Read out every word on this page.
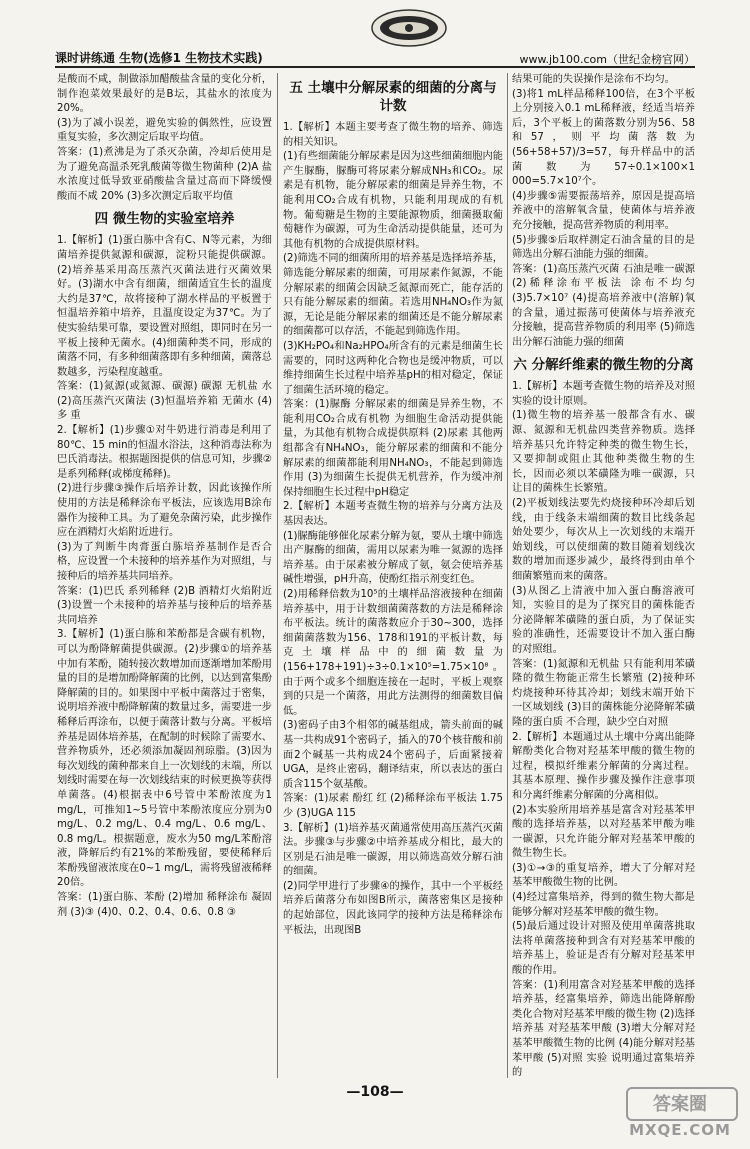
课时讲练通 生物(选修1 生物技术实践)	www.jb100.com（世纪金榜官网）

是酸而不咸，制做添加醋酸盐含量的变化分析，制作泡菜效果最好的是B坛，其盐水的浓度为20%。

(3)为了减小误差，避免实验的偶然性，应设置重复实验，多次测定后取平均值。

答案：(1)煮沸是为了杀灭杂菌，冷却后使用是为了避免高温杀死乳酸菌等微生物菌种 (2)A 盐水浓度过低导致亚硝酸盐含量过高而下降缓慢 酸而不咸 20% (3)多次测定后取平均值

四 微生物的实验室培养

1.【解析】(1)蛋白胨中含有C、N等元素，为细菌培养提供氮源和碳源，淀粉只能提供碳源。(2)培养基采用高压蒸汽灭菌法进行灭菌效果好。(3)湖水中含有细菌，细菌适宜生长的温度大约是37℃，故将接种了湖水样品的平板置于恒温培养箱中培养，且温度设定为37℃。为了使实验结果可靠，要设置对照组，即同时在另一平板上接种无菌水。(4)细菌种类不同，形成的菌落不同，有多种细菌落即有多种细菌，菌落总数越多，污染程度越重。

答案：(1)氮源(或氮源、碳源) 碳源 无机盐 水 (2)高压蒸汽灭菌法 (3)恒温培养箱 无菌水 (4)多 重

2.【解析】(1)步骤①对牛奶进行消毒是利用了80℃、15 min的恒温水浴法，这种消毒法称为巴氏消毒法。根据题图提供的信息可知，步骤②是系列稀释(或梯度稀释)。

(2)进行步骤③操作后培养计数，因此该操作所使用的方法是稀释涂布平板法，应该选用B涂布器作为接种工具。为了避免杂菌污染，此步操作应在酒精灯火焰附近进行。

(3)为了判断牛肉膏蛋白胨培养基制作是否合格，应设置一个未接种的培养基作为对照组，与接种后的培养基共同培养。

答案：(1)巴氏 系列稀释 (2)B 酒精灯火焰附近 (3)设置一个未接种的培养基与接种后的培养基共同培养

3.【解析】(1)蛋白胨和苯酚都是含碳有机物，可以为酚降解菌提供碳源。(2)步骤①的培养基中加有苯酚，随转接次数增加而逐渐增加苯酚用量的目的是增加酚降解菌的比例，以达到富集酚降解菌的目的。如果图中平板中菌落过于密集，说明培养液中酚降解菌的数量过多，需要进一步稀释后再涂布，以便于菌落计数与分离。平板培养基是固体培养基，在配制的时候除了需要水、营养物质外，还必须添加凝固剂琼脂。(3)因为每次划线的菌种都来自上一次划线的末端，所以划线时需要在每一次划线结束的时候更换等获得单菌落。(4)根据表中6号管中苯酚浓度为1 mg/L，可推知1~5号管中苯酚浓度应分别为0 mg/L、0.2 mg/L、0.4 mg/L、0.6 mg/L、0.8 mg/L。根据题意，废水为50 mg/L苯酚溶液，降解后约有21%的苯酚残留，要使稀释后苯酚残留液浓度在0~1 mg/L，需将残留液稀释20倍。

答案：(1)蛋白胨、苯酚 (2)增加 稀释涂布 凝固剂 (3)③ (4)0、0.2、0.4、0.6、0.8 ③

五 土壤中分解尿素的细菌的分离与计数

1.【解析】本题主要考查了微生物的培养、筛选的相关知识。

(1)有些细菌能分解尿素是因为这些细菌细胞内能产生脲酶，脲酶可将尿素分解成NH₃和CO₂。尿素是有机物，能分解尿素的细菌是异养生物，不能利用CO₂合成有机物，只能利用现成的有机物。葡萄糖是生物的主要能源物质，细菌摄取葡萄糖作为碳源，可为生命活动提供能量，还可为其他有机物的合成提供原材料。

(2)筛选不同的细菌所用的培养基是选择培养基，筛选能分解尿素的细菌，可用尿素作氮源，不能分解尿素的细菌会因缺乏氮源而死亡，能存活的只有能分解尿素的细菌。若选用NH₄NO₃作为氮源，无论是能分解尿素的细菌还是不能分解尿素的细菌都可以存活，不能起到筛选作用。

(3)KH₂PO₄和Na₂HPO₄所含有的元素是细菌生长需要的，同时这两种化合物也是缓冲物质，可以维持细菌生长过程中培养基pH的相对稳定，保证了细菌生活环境的稳定。

答案：(1)脲酶 分解尿素的细菌是异养生物，不能利用CO₂合成有机物 为细胞生命活动提供能量，为其他有机物合成提供原料 (2)尿素 其他两组都含有NH₄NO₃，能分解尿素的细菌和不能分解尿素的细菌都能利用NH₄NO₃，不能起到筛选作用 (3)为细菌生长提供无机营养，作为缓冲剂保持细胞生长过程中pH稳定

2.【解析】本题考查微生物的培养与分离方法及基因表达。

(1)脲酶能够催化尿素分解为氨，要从土壤中筛选出产脲酶的细菌，需用以尿素为唯一氮源的选择培养基。由于尿素被分解成了氨，氨会使培养基碱性增强，pH升高，使酚红指示剂变红色。

(2)用稀释倍数为10⁵的土壤样品溶液接种在细菌培养基中，用于计数细菌菌落数的方法是稀释涂布平板法。统计的菌落数应介于30~300，选择细菌菌落数为156、178和191的平板计数，每克土壤样品中的细菌数量为(156+178+191)÷3÷0.1×10⁵=1.75×10⁸。由于两个或多个细胞连接在一起时，平板上观察到的只是一个菌落，用此方法测得的细菌数目偏低。

(3)密码子由3个相邻的碱基组成，箭头前面的碱基一共构成91个密码子，插入的70个核苷酸和前面2个碱基一共构成24个密码子，后面紧接着UGA，是终止密码，翻译结束，所以表达的蛋白质含115个氨基酸。

答案：(1)尿素 酚红 红 (2)稀释涂布平板法 1.75 少 (3)UGA 115

3.【解析】(1)培养基灭菌通常使用高压蒸汽灭菌法。步骤③与步骤②中培养基成分相比，最大的区别是石油是唯一碳源，用以筛选高效分解石油的细菌。

(2)同学甲进行了步骤④的操作，其中一个平板经培养后菌落分布如图B所示，菌落密集区是接种的起始部位，因此该同学的接种方法是稀释涂布平板法，出现图B

结果可能的失误操作是涂布不均匀。

(3)将1 mL样品稀释100倍，在3个平板上分别接入0.1 mL稀释液，经适当培养后，3个平板上的菌落数分别为56、58和57，则平均菌落数为(56+58+57)/3=57，每升样品中的活菌数为57÷0.1×100×1 000=5.7×10⁷个。

(4)步骤⑤需要振荡培养，原因是提高培养液中的溶解氧含量，使菌体与培养液充分接触，提高营养物质的利用率。

(5)步骤⑤后取样测定石油含量的目的是筛选出分解石油能力强的细菌。

答案：(1)高压蒸汽灭菌 石油是唯一碳源 (2)稀释涂布平板法 涂布不均匀 (3)5.7×10⁷ (4)提高培养液中(溶解)氧的含量，通过振荡可使菌体与培养液充分接触，提高营养物质的利用率 (5)筛选出分解石油能力强的细菌

六 分解纤维素的微生物的分离

1.【解析】本题考查微生物的培养及对照实验的设计原则。

(1)微生物的培养基一般都含有水、碳源、氮源和无机盐四类营养物质。选择培养基只允许特定种类的微生物生长，又要抑制或阻止其他种类微生物的生长，因而必须以苯磺隆为唯一碳源，只让目的菌株生长繁殖。

(2)平板划线法要先灼烧接种环冷却后划线，由于线条末端细菌的数目比线条起始处要少，每次从上一次划线的末端开始划线，可以使细菌的数目随着划线次数的增加而逐步减少，最终得到由单个细菌繁殖而来的菌落。

(3)从图乙上清液中加入蛋白酶溶液可知，实验目的是为了探究目的菌株能否分泌降解苯磺隆的蛋白质，为了保证实验的准确性，还需要设计不加入蛋白酶的对照组。

答案：(1)氮源和无机盐 只有能利用苯磺隆的微生物能正常生长繁殖 (2)接种环 灼烧接种环待其冷却；划线末端开始下一区域划线 (3)目的菌株能分泌降解苯磺隆的蛋白质 不合理，缺少空白对照

2.【解析】本题通过从土壤中分离出能降解酚类化合物对羟基苯甲酸的微生物的过程，模拟纤维素分解菌的分离过程。其基本原理、操作步骤及操作注意事项和分离纤维素分解菌的分离相似。

(2)本实验所用培养基是富含对羟基苯甲酸的选择培养基，以对羟基苯甲酸为唯一碳源，只允许能分解对羟基苯甲酸的微生物生长。

(3)①→③的重复培养，增大了分解对羟基苯甲酸微生物的比例。

(4)经过富集培养，得到的微生物大都是能够分解对羟基苯甲酸的微生物。

(5)最后通过设计对照及使用单菌落挑取法将单菌落接种到含有对羟基苯甲酸的培养基上，验证是否有分解对羟基苯甲酸的作用。

答案：(1)利用富含对羟基苯甲酸的选择培养基，经富集培养，筛选出能降解酚类化合物对羟基苯甲酸的微生物 (2)选择培养基 对羟基苯甲酸 (3)增大分解对羟基苯甲酸微生物的比例 (4)能分解对羟基苯甲酸 (5)对照 实验 说明通过富集培养的

—108—
答案圈
MXQE.COM
